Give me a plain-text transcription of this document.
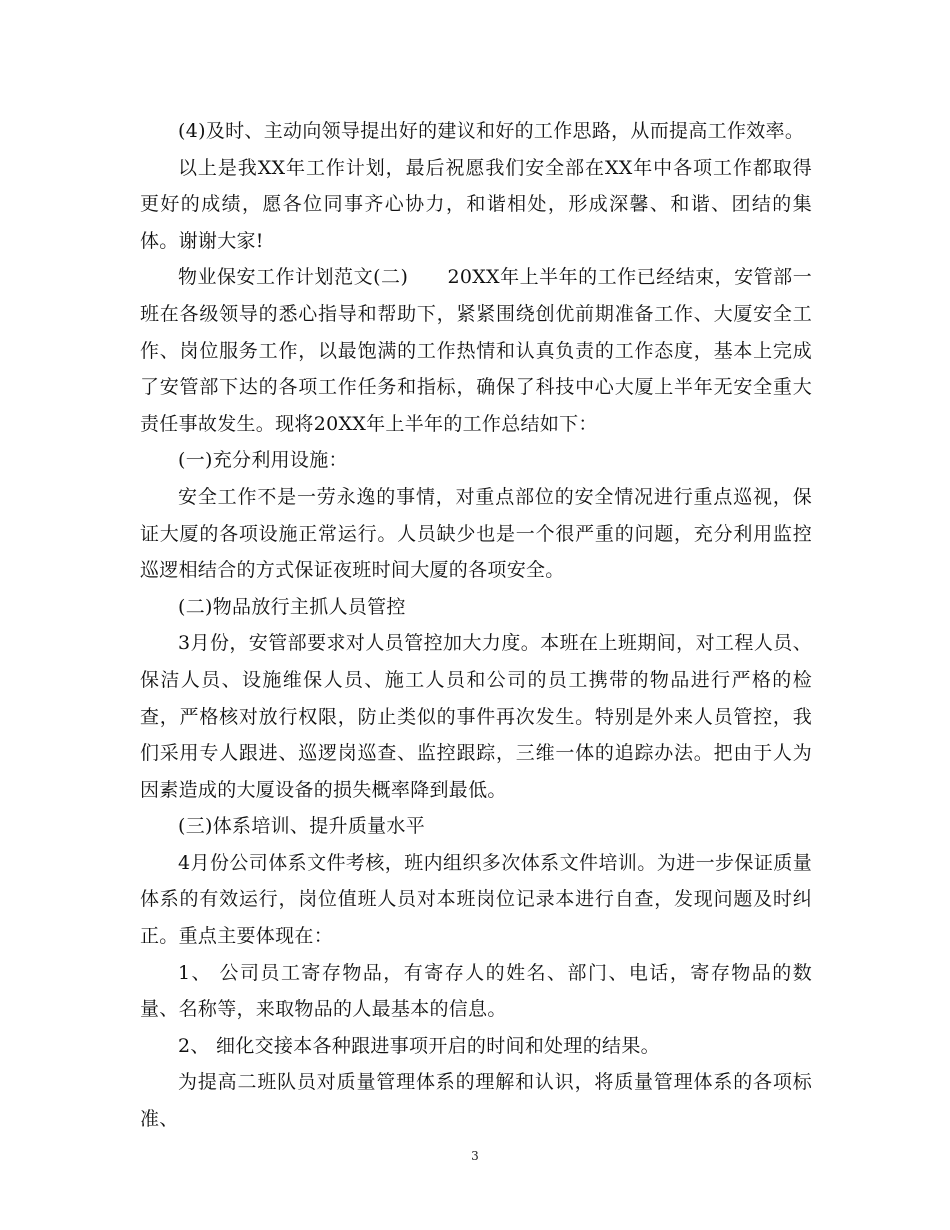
(4)及时、主动向领导提出好的建议和好的工作思路，从而提高工作效率。

以上是我XX年工作计划，最后祝愿我们安全部在XX年中各项工作都取得更好的成绩，愿各位同事齐心协力，和谐相处，形成深馨、和谐、团结的集体。谢谢大家!

物业保安工作计划范文(二)　　20XX年上半年的工作已经结束，安管部一班在各级领导的悉心指导和帮助下，紧紧围绕创优前期准备工作、大厦安全工作、岗位服务工作，以最饱满的工作热情和认真负责的工作态度，基本上完成了安管部下达的各项工作任务和指标，确保了科技中心大厦上半年无安全重大责任事故发生。现将20XX年上半年的工作总结如下：

(一)充分利用设施：

安全工作不是一劳永逸的事情，对重点部位的安全情况进行重点巡视，保证大厦的各项设施正常运行。人员缺少也是一个很严重的问题，充分利用监控巡逻相结合的方式保证夜班时间大厦的各项安全。

(二)物品放行主抓人员管控

3月份，安管部要求对人员管控加大力度。本班在上班期间，对工程人员、保洁人员、设施维保人员、施工人员和公司的员工携带的物品进行严格的检查，严格核对放行权限，防止类似的事件再次发生。特别是外来人员管控，我们采用专人跟进、巡逻岗巡查、监控跟踪，三维一体的追踪办法。把由于人为因素造成的大厦设备的损失概率降到最低。

(三)体系培训、提升质量水平

4月份公司体系文件考核，班内组织多次体系文件培训。为进一步保证质量体系的有效运行，岗位值班人员对本班岗位记录本进行自查，发现问题及时纠正。重点主要体现在：

1、 公司员工寄存物品，有寄存人的姓名、部门、电话，寄存物品的数量、名称等，来取物品的人最基本的信息。

2、 细化交接本各种跟进事项开启的时间和处理的结果。

为提高二班队员对质量管理体系的理解和认识，将质量管理体系的各项标准、

3
